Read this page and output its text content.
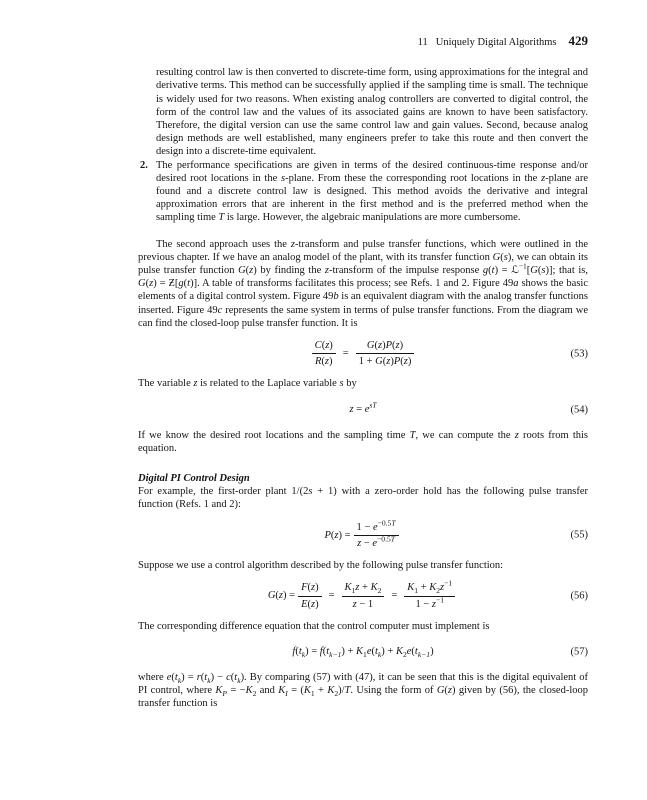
11 Uniquely Digital Algorithms 429

resulting control law is then converted to discrete-time form, using approximations for the integral and derivative terms. This method can be successfully applied if the sampling time is small. The technique is widely used for two reasons. When existing analog controllers are converted to digital control, the form of the control law and the values of its associated gains are known to have been satisfactory. Therefore, the digital version can use the same control law and gain values. Second, because analog design methods are well established, many engineers prefer to take this route and then convert the design into a discrete-time equivalent.

2. The performance specifications are given in terms of the desired continuous-time response and/or desired root locations in the s-plane. From these the corresponding root locations in the z-plane are found and a discrete control law is designed. This method avoids the derivative and integral approximation errors that are inherent in the first method and is the preferred method when the sampling time T is large. However, the algebraic manipulations are more cumbersome.

The second approach uses the z-transform and pulse transfer functions, which were outlined in the previous chapter. If we have an analog model of the plant, with its transfer function G(s), we can obtain its pulse transfer function G(z) by finding the z-transform of the impulse response g(t) = ℒ$^{-1}$[G(s)]; that is, G(z) = Ƶ[g(t)]. A table of transforms facilitates this process; see Refs. 1 and 2. Figure 49a shows the basic elements of a digital control system. Figure 49b is an equivalent diagram with the analog transfer functions inserted. Figure 49c represents the same system in terms of pulse transfer functions. From the diagram we can find the closed-loop pulse transfer function. It is

$\frac{C(z)}{R(z)} = \frac{G(z)P(z)}{1 + G(z)P(z)}$	(53)

The variable z is related to the Laplace variable s by

$z = e^{sT}$	(54)

If we know the desired root locations and the sampling time T, we can compute the z roots from this equation.

Digital PI Control Design

For example, the first-order plant 1/(2s + 1) with a zero-order hold has the following pulse transfer function (Refs. 1 and 2):

$P(z) = \frac{1 - e^{-0.5T}}{z - e^{-0.5T}}$	(55)

Suppose we use a control algorithm described by the following pulse transfer function:

$G(z) = \frac{F(z)}{E(z)} = \frac{K_1z + K_2}{z - 1} = \frac{K_1 + K_2z^{-1}}{1 - z^{-1}}$	(56)

The corresponding difference equation that the control computer must implement is

$f(t_k) = f(t_{k-1}) + K_1e(t_k) + K_2e(t_{k-1})$	(57)

where $e(t_k) = r(t_k) - c(t_k)$. By comparing (57) with (47), it can be seen that this is the digital equivalent of PI control, where $K_P = -K_2$ and $K_I = (K_1 + K_2)/T$. Using the form of G(z) given by (56), the closed-loop transfer function is
